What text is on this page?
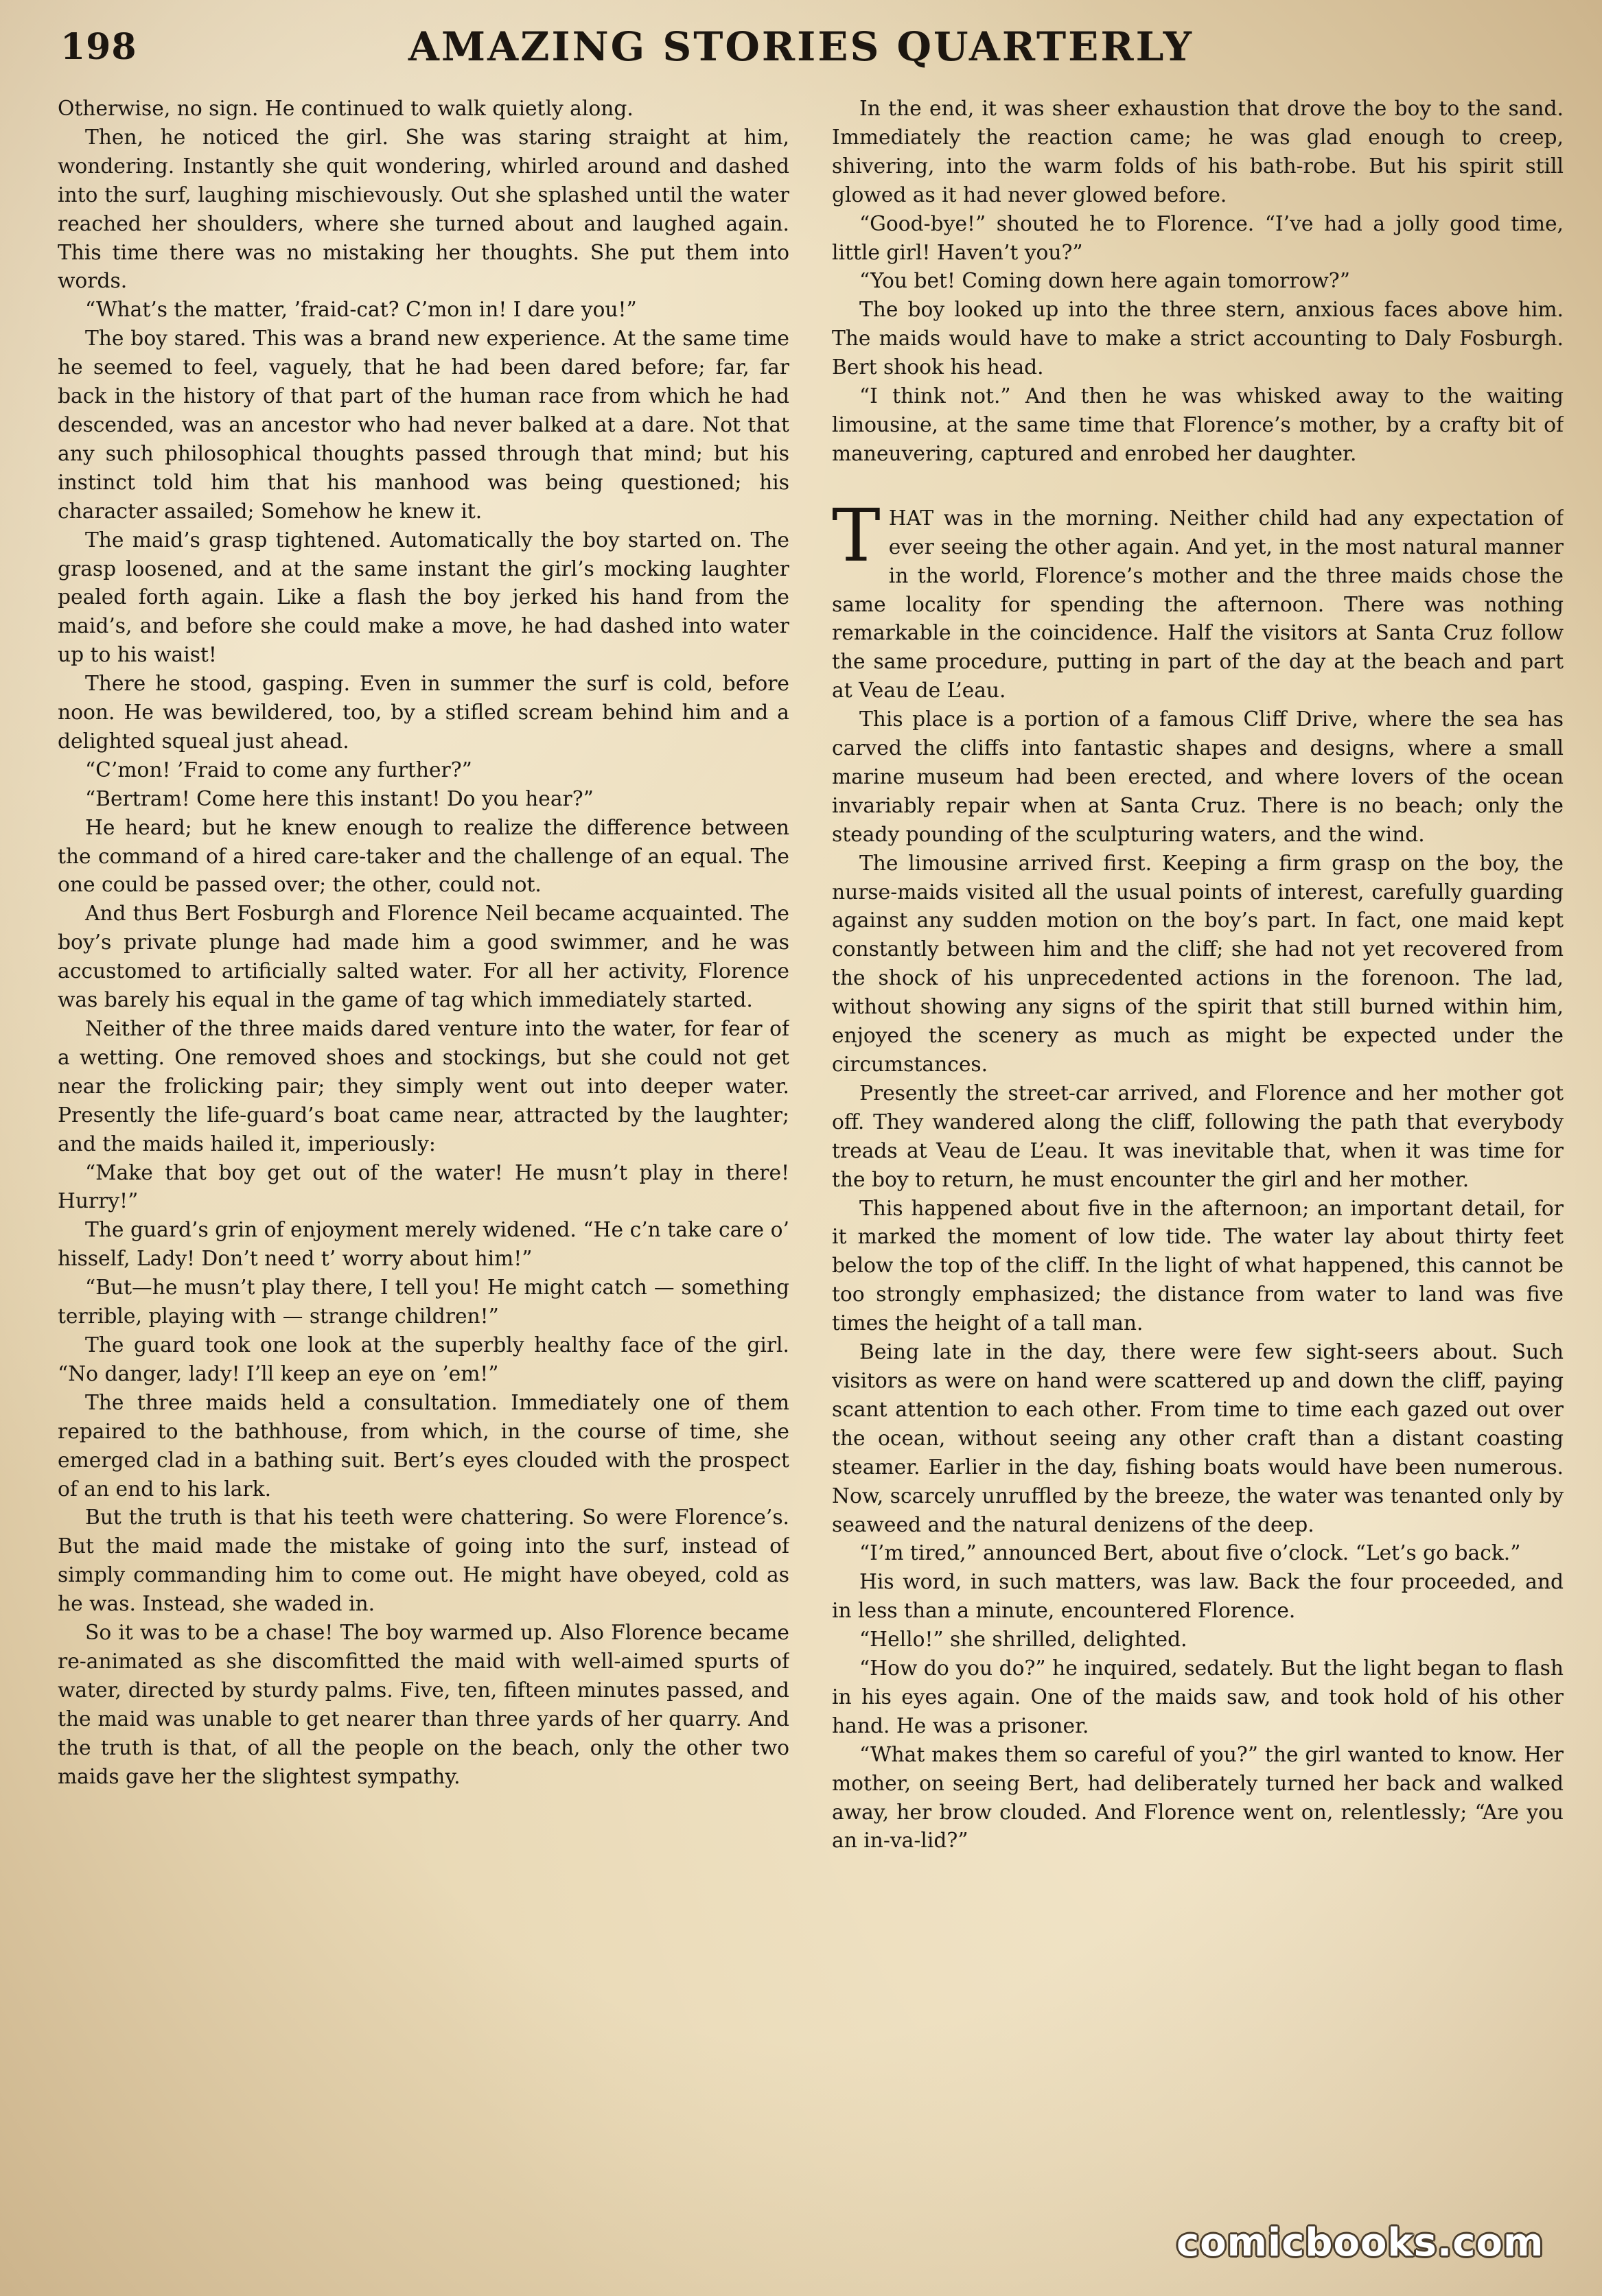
198	AMAZING STORIES QUARTERLY

Otherwise, no sign. He continued to walk quietly along.

Then, he noticed the girl. She was staring straight at him, wondering. Instantly she quit wondering, whirled around and dashed into the surf, laughing mischievously. Out she splashed until the water reached her shoulders, where she turned about and laughed again. This time there was no mistaking her thoughts. She put them into words.

“What’s the matter, ’fraid-cat? C’mon in! I dare you!”

The boy stared. This was a brand new experience. At the same time he seemed to feel, vaguely, that he had been dared before; far, far back in the history of that part of the human race from which he had descended, was an ancestor who had never balked at a dare. Not that any such philosophical thoughts passed through that mind; but his instinct told him that his manhood was being questioned; his character assailed; Somehow he knew it.

The maid’s grasp tightened. Automatically the boy started on. The grasp loosened, and at the same instant the girl’s mocking laughter pealed forth again. Like a flash the boy jerked his hand from the maid’s, and before she could make a move, he had dashed into water up to his waist!

There he stood, gasping. Even in summer the surf is cold, before noon. He was bewildered, too, by a stifled scream behind him and a delighted squeal just ahead.

“C’mon! ’Fraid to come any further?”

“Bertram! Come here this instant! Do you hear?”

He heard; but he knew enough to realize the difference between the command of a hired care-taker and the challenge of an equal. The one could be passed over; the other, could not.

And thus Bert Fosburgh and Florence Neil became acquainted. The boy’s private plunge had made him a good swimmer, and he was accustomed to artificially salted water. For all her activity, Florence was barely his equal in the game of tag which immediately started.

Neither of the three maids dared venture into the water, for fear of a wetting. One removed shoes and stockings, but she could not get near the frolicking pair; they simply went out into deeper water. Presently the life-guard’s boat came near, attracted by the laughter; and the maids hailed it, imperiously:

“Make that boy get out of the water! He musn’t play in there! Hurry!”

The guard’s grin of enjoyment merely widened. “He c’n take care o’ hisself, Lady! Don’t need t’ worry about him!”

“But—he musn’t play there, I tell you! He might catch — something terrible, playing with — strange children!”

The guard took one look at the superbly healthy face of the girl. “No danger, lady! I’ll keep an eye on ’em!”

The three maids held a consultation. Immediately one of them repaired to the bathhouse, from which, in the course of time, she emerged clad in a bathing suit. Bert’s eyes clouded with the prospect of an end to his lark.

But the truth is that his teeth were chattering. So were Florence’s. But the maid made the mistake of going into the surf, instead of simply commanding him to come out. He might have obeyed, cold as he was. Instead, she waded in.

So it was to be a chase! The boy warmed up. Also Florence became re-animated as she discomfitted the maid with well-aimed spurts of water, directed by sturdy palms. Five, ten, fifteen minutes passed, and the maid was unable to get nearer than three yards of her quarry. And the truth is that, of all the people on the beach, only the other two maids gave her the slightest sympathy.

In the end, it was sheer exhaustion that drove the boy to the sand. Immediately the reaction came; he was glad enough to creep, shivering, into the warm folds of his bath-robe. But his spirit still glowed as it had never glowed before.

“Good-bye!” shouted he to Florence. “I’ve had a jolly good time, little girl! Haven’t you?”

“You bet! Coming down here again tomorrow?”

The boy looked up into the three stern, anxious faces above him. The maids would have to make a strict accounting to Daly Fosburgh. Bert shook his head.

“I think not.” And then he was whisked away to the waiting limousine, at the same time that Florence’s mother, by a crafty bit of maneuvering, captured and enrobed her daughter.

THAT was in the morning. Neither child had any expectation of ever seeing the other again. And yet, in the most natural manner in the world, Florence’s mother and the three maids chose the same locality for spending the afternoon. There was nothing remarkable in the coincidence. Half the visitors at Santa Cruz follow the same procedure, putting in part of the day at the beach and part at Veau de L’eau.

This place is a portion of a famous Cliff Drive, where the sea has carved the cliffs into fantastic shapes and designs, where a small marine museum had been erected, and where lovers of the ocean invariably repair when at Santa Cruz. There is no beach; only the steady pounding of the sculpturing waters, and the wind.

The limousine arrived first. Keeping a firm grasp on the boy, the nurse-maids visited all the usual points of interest, carefully guarding against any sudden motion on the boy’s part. In fact, one maid kept constantly between him and the cliff; she had not yet recovered from the shock of his unprecedented actions in the forenoon. The lad, without showing any signs of the spirit that still burned within him, enjoyed the scenery as much as might be expected under the circumstances.

Presently the street-car arrived, and Florence and her mother got off. They wandered along the cliff, following the path that everybody treads at Veau de L’eau. It was inevitable that, when it was time for the boy to return, he must encounter the girl and her mother.

This happened about five in the afternoon; an important detail, for it marked the moment of low tide. The water lay about thirty feet below the top of the cliff. In the light of what happened, this cannot be too strongly emphasized; the distance from water to land was five times the height of a tall man.

Being late in the day, there were few sight-seers about. Such visitors as were on hand were scattered up and down the cliff, paying scant attention to each other. From time to time each gazed out over the ocean, without seeing any other craft than a distant coasting steamer. Earlier in the day, fishing boats would have been numerous. Now, scarcely unruffled by the breeze, the water was tenanted only by seaweed and the natural denizens of the deep.

“I’m tired,” announced Bert, about five o’clock. “Let’s go back.”

His word, in such matters, was law. Back the four proceeded, and in less than a minute, encountered Florence.

“Hello!” she shrilled, delighted.

“How do you do?” he inquired, sedately. But the light began to flash in his eyes again. One of the maids saw, and took hold of his other hand. He was a prisoner.

“What makes them so careful of you?” the girl wanted to know. Her mother, on seeing Bert, had deliberately turned her back and walked away, her brow clouded. And Florence went on, relentlessly; “Are you an in-va-lid?”

comicbooks.com
